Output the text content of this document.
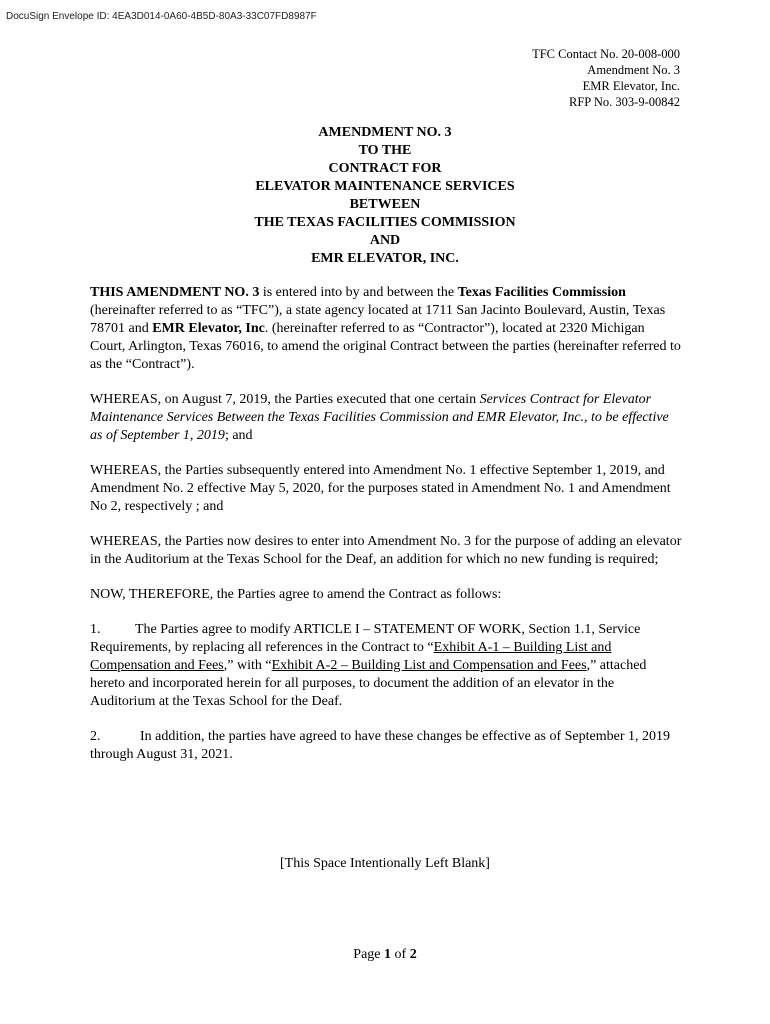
DocuSign Envelope ID: 4EA3D014-0A60-4B5D-80A3-33C07FD8987F
TFC Contact No. 20-008-000
Amendment No. 3
EMR Elevator, Inc.
RFP No. 303-9-00842
AMENDMENT NO. 3
TO THE
CONTRACT FOR
ELEVATOR MAINTENANCE SERVICES
BETWEEN
THE TEXAS FACILITIES COMMISSION
AND
EMR ELEVATOR, INC.

THIS AMENDMENT NO. 3 is entered into by and between the Texas Facilities Commission (hereinafter referred to as “TFC”), a state agency located at 1711 San Jacinto Boulevard, Austin, Texas 78701 and EMR Elevator, Inc. (hereinafter referred to as “Contractor”), located at 2320 Michigan Court, Arlington, Texas 76016, to amend the original Contract between the parties (hereinafter referred to as the “Contract”).

WHEREAS, on August 7, 2019, the Parties executed that one certain Services Contract for Elevator Maintenance Services Between the Texas Facilities Commission and EMR Elevator, Inc., to be effective as of September 1, 2019; and

WHEREAS, the Parties subsequently entered into Amendment No. 1 effective September 1, 2019, and Amendment No. 2 effective May 5, 2020, for the purposes stated in Amendment No. 1 and Amendment No 2, respectively ; and

WHEREAS, the Parties now desires to enter into Amendment No. 3 for the purpose of adding an elevator in the Auditorium at the Texas School for the Deaf, an addition for which no new funding is required;

NOW, THEREFORE, the Parties agree to amend the Contract as follows:

1. The Parties agree to modify ARTICLE I – STATEMENT OF WORK, Section 1.1, Service Requirements, by replacing all references in the Contract to “Exhibit A-1 – Building List and Compensation and Fees,” with “Exhibit A-2 – Building List and Compensation and Fees,” attached hereto and incorporated herein for all purposes, to document the addition of an elevator in the Auditorium at the Texas School for the Deaf.

2.	In addition, the parties have agreed to have these changes be effective as of September 1, 2019 through August 31, 2021.

[This Space Intentionally Left Blank]
Page 1 of 2
